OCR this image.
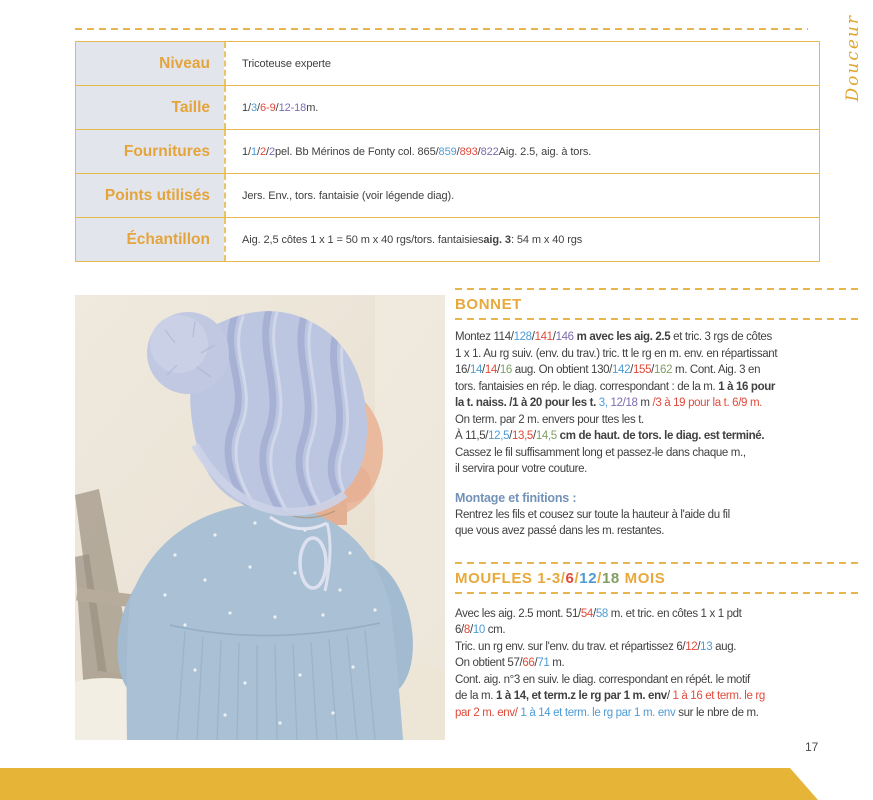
Douceur
Niveau	Tricoteuse experte
Taille	1/ 3 / 6-9 / 12-18 m.
Fournitures	1/ 1 / 2 / 2 pel. Bb Mérinos de Fonty col. 865/ 859 / 893 / 822 Aig. 2.5, aig. à tors.
Points utilisés	Jers. Env., tors. fantaisie (voir légende diag).
Échantillon	Aig. 2,5 côtes 1 x 1 = 50 m x 40 rgs/tors. fantaisies aig. 3 : 54 m x 40 rgs
BONNET
Montez 114/128/141/146 m avec les aig. 2.5 et tric. 3 rgs de côtes
1 x 1. Au rg suiv. (env. du trav.) tric. tt le rg en m. env. en répartissant
16/14/14/16 aug. On obtient 130/142/155/162 m. Cont. Aig. 3 en
tors. fantaisies en rép. le diag. correspondant : de la m. 1 à 16 pour
la t. naiss. /1 à 20 pour les t. 3, 12/18 m /3 à 19 pour la t. 6/9 m.
On term. par 2 m. envers pour ttes les t.
À 11,5/12,5/13,5/14,5 cm de haut. de tors. le diag. est terminé.
Cassez le fil suffisamment long et passez-le dans chaque m.,
il servira pour votre couture.
Montage et finitions :
Rentrez les fils et cousez sur toute la hauteur à l'aide du fil
que vous avez passé dans les m. restantes.
MOUFLES 1-3/6/12/18 MOIS
Avec les aig. 2.5 mont. 51/54/58 m. et tric. en côtes 1 x 1 pdt
6/8/10 cm.
Tric. un rg env. sur l'env. du trav. et répartissez 6/12/13 aug.
On obtient 57/66/71 m.
Cont. aig. n°3 en suiv. le diag. correspondant en répét. le motif
de la m. 1 à 14, et term.z le rg par 1 m. env/ 1 à 16 et term. le rg
par 2 m. env/ 1 à 14 et term. le rg par 1 m. env sur le nbre de m.
17
